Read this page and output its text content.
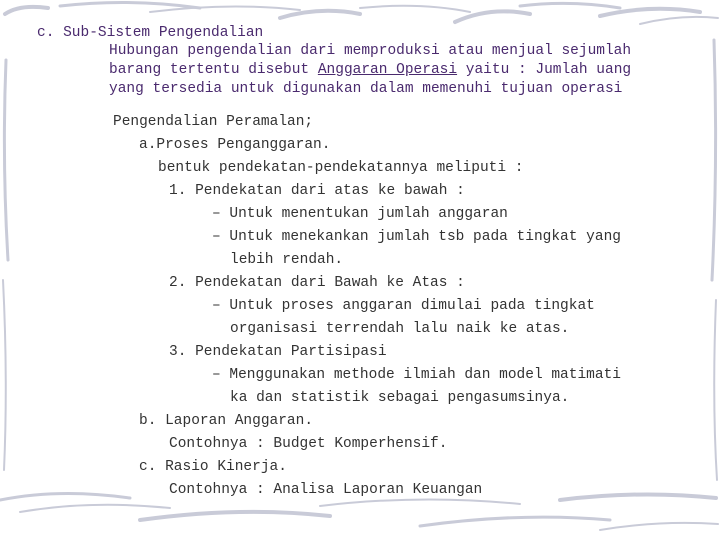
c. Sub-Sistem Pengendalian
Hubungan pengendalian dari memproduksi atau menjual sejumlah
barang tertentu disebut Anggaran Operasi yaitu : Jumlah uang
yang tersedia untuk digunakan dalam memenuhi tujuan operasi
Pengendalian Peramalan;
a.Proses Penganggaran.
bentuk pendekatan-pendekatannya meliputi :
1. Pendekatan dari atas ke bawah :
– Untuk menentukan jumlah anggaran
– Untuk menekankan jumlah tsb pada tingkat yang
lebih rendah.
2. Pendekatan dari Bawah ke Atas :
– Untuk proses anggaran dimulai pada tingkat
organisasi terrendah lalu naik ke atas.
3. Pendekatan Partisipasi
– Menggunakan methode ilmiah dan model matimati
ka dan statistik sebagai pengasumsinya.
b. Laporan Anggaran.
Contohnya : Budget Komperhensif.
c. Rasio Kinerja.
Contohnya : Analisa Laporan Keuangan
